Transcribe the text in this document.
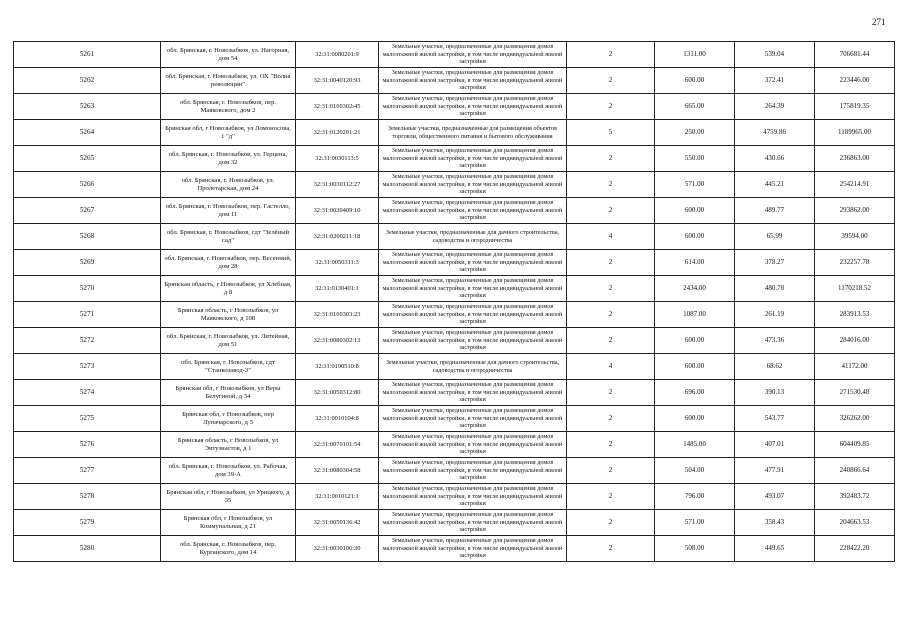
271
5261	обл. Брянская, г. Новозыбков, ул. Нагорная, дом 54	32:31:0080201:9	Земельные участки, предназначенные для размещения домов малоэтажной жилой застройки, в том числе индивидуальной жилой застройки	2	1311.00	539.04	706681.44
5262	обл. Брянская, г. Новозыбков, ул. ОХ "Волна революции"	32:31:0040120:93	Земельные участки, предназначенные для размещения домов малоэтажной жилой застройки, в том числе индивидуальной жилой застройки	2	600.00	372.41	223446.00
5263	обл. Брянская, г. Новозыбков, пер. Маяковского, дом 2	32:31:0160302:45	Земельные участки, предназначенные для размещения домов малоэтажной жилой застройки, в том числе индивидуальной жилой застройки	2	665.00	264.39	175819.35
5264	Брянская обл, г Новозыбков, ул Ломоносова, 1 "д"	32:31:0120201:21	Земельные участки, предназначенные для размещения объектов торговли, общественного питания и бытового обслуживания	5	250.00	4759.86	1189965.00
5265	обл. Брянская, г. Новозыбков, ул. Герцена, дом 32	32:31:0030113:5	Земельные участки, предназначенные для размещения домов малоэтажной жилой застройки, в том числе индивидуальной жилой застройки	2	550.00	430.66	236863.00
5266	обл. Брянская, г. Новозыбков, ул. Пролетарская, дом 24	32:31:0030112:27	Земельные участки, предназначенные для размещения домов малоэтажной жилой застройки, в том числе индивидуальной жилой застройки	2	571.00	445.21	254214.91
5267	обл. Брянская, г. Новозыбков, пер. Гастелло, дом 11	32:31:0030409:10	Земельные участки, предназначенные для размещения домов малоэтажной жилой застройки, в том числе индивидуальной жилой застройки	2	600.00	489.77	293862.00
5268	обл. Брянская, г. Новозыбков, сдт "Зелёный сад"	32:31:0200211:18	Земельные участки, предназначенные для дачного строительства, садоводства и огородничества	4	600.00	65.99	39594.00
5269	обл. Брянская, г. Новозыбков, пер. Весенний, дом 28	32:31:0050311:3	Земельные участки, предназначенные для размещения домов малоэтажной жилой застройки, в том числе индивидуальной жилой застройки	2	614.00	378.27	232257.78
5270	Брянская область, г Новозыбков, ул Хлебная, д 8	32:31:0130401:1	Земельные участки, предназначенные для размещения домов малоэтажной жилой застройки, в том числе индивидуальной жилой застройки	2	2434.00	480.78	1170218.52
5271	Брянская область, г Новозыбков, ул Маяковского, д 108	32:31:0160303:23	Земельные участки, предназначенные для размещения домов малоэтажной жилой застройки, в том числе индивидуальной жилой застройки	2	1087.00	261.19	283913.53
5272	обл. Брянская, г. Новозыбков, ул. Литейная, дом 51	32:31:0080302:13	Земельные участки, предназначенные для размещения домов малоэтажной жилой застройки, в том числе индивидуальной жилой застройки	2	600.00	473.36	284016.00
5273	обл. Брянская, г. Новозыбков, сдт "Станкозавод-3"	32:31:0190510:8	Земельные участки, предназначенные для дачного строительства, садоводства и огородничества	4	600.00	68.62	41172.00
5274	Брянская обл, г Новозыбков, ул Веры Белугиной, д 34	32:31:0050312:80	Земельные участки, предназначенные для размещения домов малоэтажной жилой застройки, в том числе индивидуальной жилой застройки	2	696.00	390.13	271530.48
5275	Брянская обл, г Новозыбков, пер Луначарского, д 5	32:31:0010104:8	Земельные участки, предназначенные для размещения домов малоэтажной жилой застройки, в том числе индивидуальной жилой застройки	2	600.00	543.77	326262.00
5276	Брянская область, г Новозыбков, ул Энтузиастов, д 1	32:31:0070101:54	Земельные участки, предназначенные для размещения домов малоэтажной жилой застройки, в том числе индивидуальной жилой застройки	2	1485.00	407.01	604409.85
5277	обл. Брянская, г. Новозыбков, ул. Рабочая, дом 39-А	32:31:0080304:58	Земельные участки, предназначенные для размещения домов малоэтажной жилой застройки, в том числе индивидуальной жилой застройки	2	504.00	477.91	240866.64
5278	Брянская обл, г Новозыбков, ул Урицкого, д 35	32:31:0010121:1	Земельные участки, предназначенные для размещения домов малоэтажной жилой застройки, в том числе индивидуальной жилой застройки	2	796.00	493.07	392483.72
5279	Брянская обл, г Новозыбков, ул Коммунальная, д 21	32:31:0050136:42	Земельные участки, предназначенные для размещения домов малоэтажной жилой застройки, в том числе индивидуальной жилой застройки	2	571.00	358.43	204663.53
5280	обл. Брянская, г. Новозыбков, пер. Курганского, дом 14	32:31:0030106:30	Земельные участки, предназначенные для размещения домов малоэтажной жилой застройки, в том числе индивидуальной жилой застройки	2	508.00	449.65	228422.20
